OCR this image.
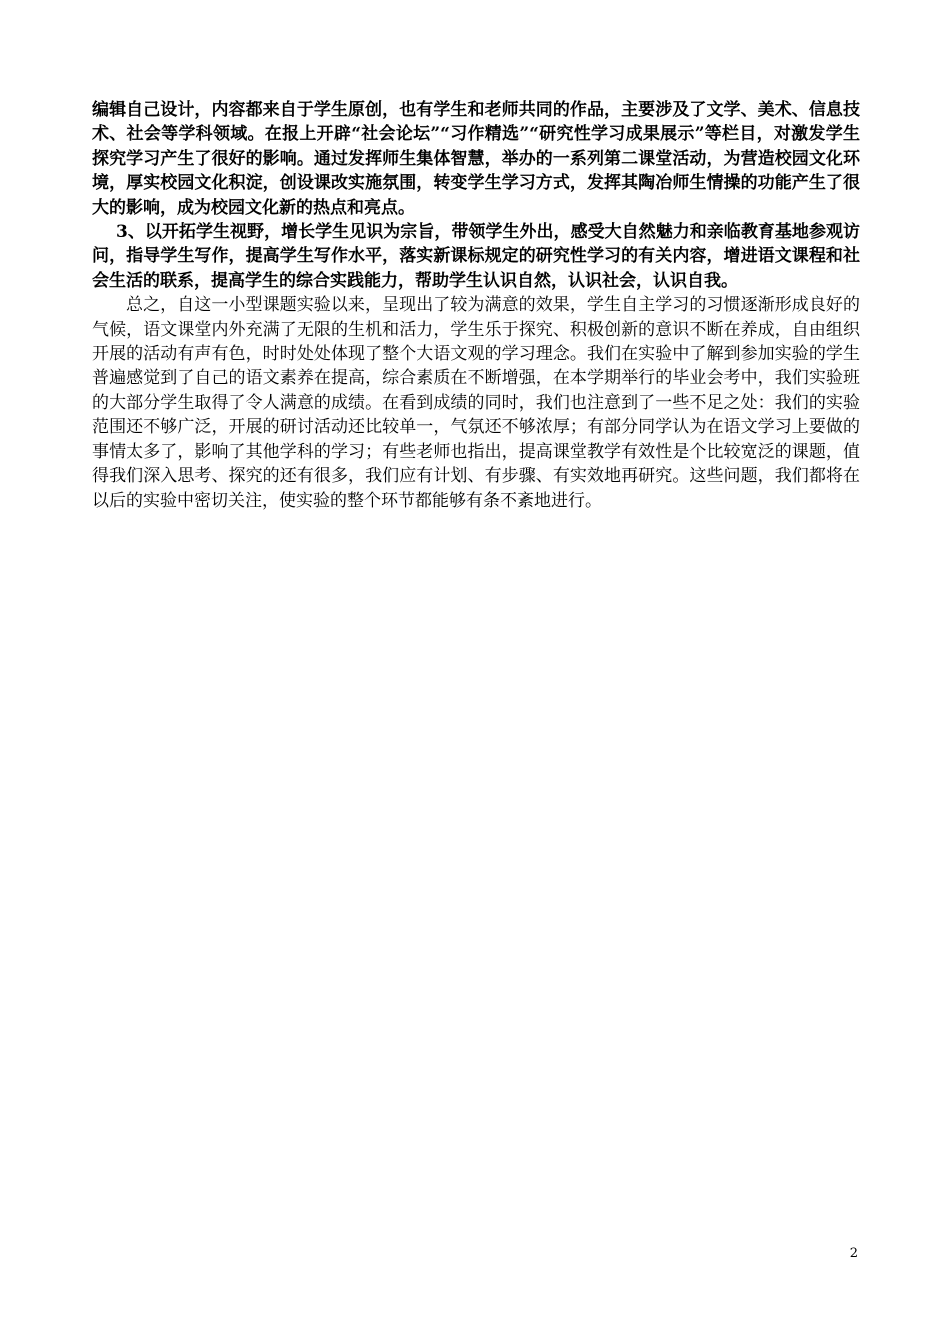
编辑自己设计，内容都来自于学生原创，也有学生和老师共同的作品，主要涉及了文学、美术、信息技术、社会等学科领域。在报上开辟“社会论坛”“习作精选”“研究性学习成果展示”等栏目，对激发学生探究学习产生了很好的影响。通过发挥师生集体智慧，举办的一系列第二课堂活动，为营造校园文化环境，厚实校园文化积淀，创设课改实施氛围，转变学生学习方式，发挥其陶冶师生情操的功能产生了很大的影响，成为校园文化新的热点和亮点。

3、以开拓学生视野，增长学生见识为宗旨，带领学生外出，感受大自然魅力和亲临教育基地参观访问，指导学生写作，提高学生写作水平，落实新课标规定的研究性学习的有关内容，增进语文课程和社会生活的联系，提高学生的综合实践能力，帮助学生认识自然，认识社会，认识自我。

总之，自这一小型课题实验以来，呈现出了较为满意的效果，学生自主学习的习惯逐渐形成良好的气候，语文课堂内外充满了无限的生机和活力，学生乐于探究、积极创新的意识不断在养成，自由组织开展的活动有声有色，时时处处体现了整个大语文观的学习理念。我们在实验中了解到参加实验的学生普遍感觉到了自己的语文素养在提高，综合素质在不断增强，在本学期举行的毕业会考中，我们实验班的大部分学生取得了令人满意的成绩。在看到成绩的同时，我们也注意到了一些不足之处：我们的实验范围还不够广泛，开展的研讨活动还比较单一，气氛还不够浓厚；有部分同学认为在语文学习上要做的事情太多了，影响了其他学科的学习；有些老师也指出，提高课堂教学有效性是个比较宽泛的课题，值得我们深入思考、探究的还有很多，我们应有计划、有步骤、有实效地再研究。这些问题，我们都将在以后的实验中密切关注，使实验的整个环节都能够有条不紊地进行。

2
